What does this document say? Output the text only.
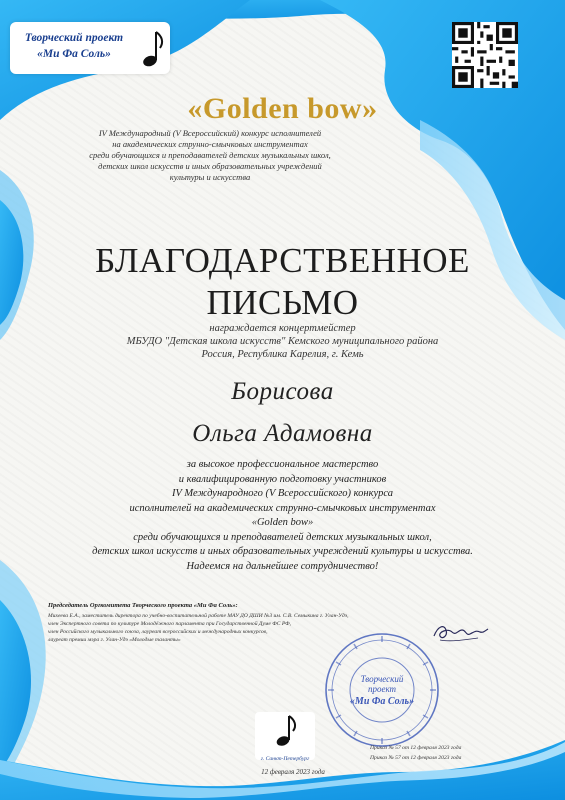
Творческий проект
«Ми Фа Соль»
«Golden bow»
IV Международный (V Всероссийский) конкурс исполнителей
на академических струнно-смычковых инструментах
среди обучающихся и преподавателей детских музыкальных школ,
детских школ искусств и иных образовательных учреждений
культуры и искусства
БЛАГОДАРСТВЕННОЕ
ПИСЬМО
награждается концертмейстер
МБУДО "Детская школа искусств" Кемского муниципального района
Россия, Республика Карелия, г. Кемь
Борисова
Ольга Адамовна
за высокое профессиональное мастерство
и квалифицированную подготовку участников
IV Международного (V Всероссийского) конкурса
исполнителей на академических струнно-смычковых инструментах
«Golden bow»
среди обучающихся и преподавателей детских музыкальных школ,
детских школ искусств и иных образовательных учреждений культуры и искусства.
Надеемся на дальнейшее сотрудничество!
Председатель Оргкомитета Творческого проекта «Ми Фа Соль»:
Михеева Е.А., заместитель директора по учебно-воспитательной работе МАУ ДО ДШИ №3 им. С.В. Семыкина г. Улан-Удэ,
член Экспертного совета по культуре Молодёжного парламента при Государственной Думе ФС РФ,
член Российского музыкального союза, лауреат всероссийских и международных конкурсов,
лауреат премии мэра г. Улан-Удэ «Молодые таланты»
Творческий
проект
«Ми Фа Соль»
г. Санкт-Петербург
12 февраля 2023 года
Приказ № 57 от 12 февраля 2023 года
Приказ № 57 от 12 февраля 2023 года
